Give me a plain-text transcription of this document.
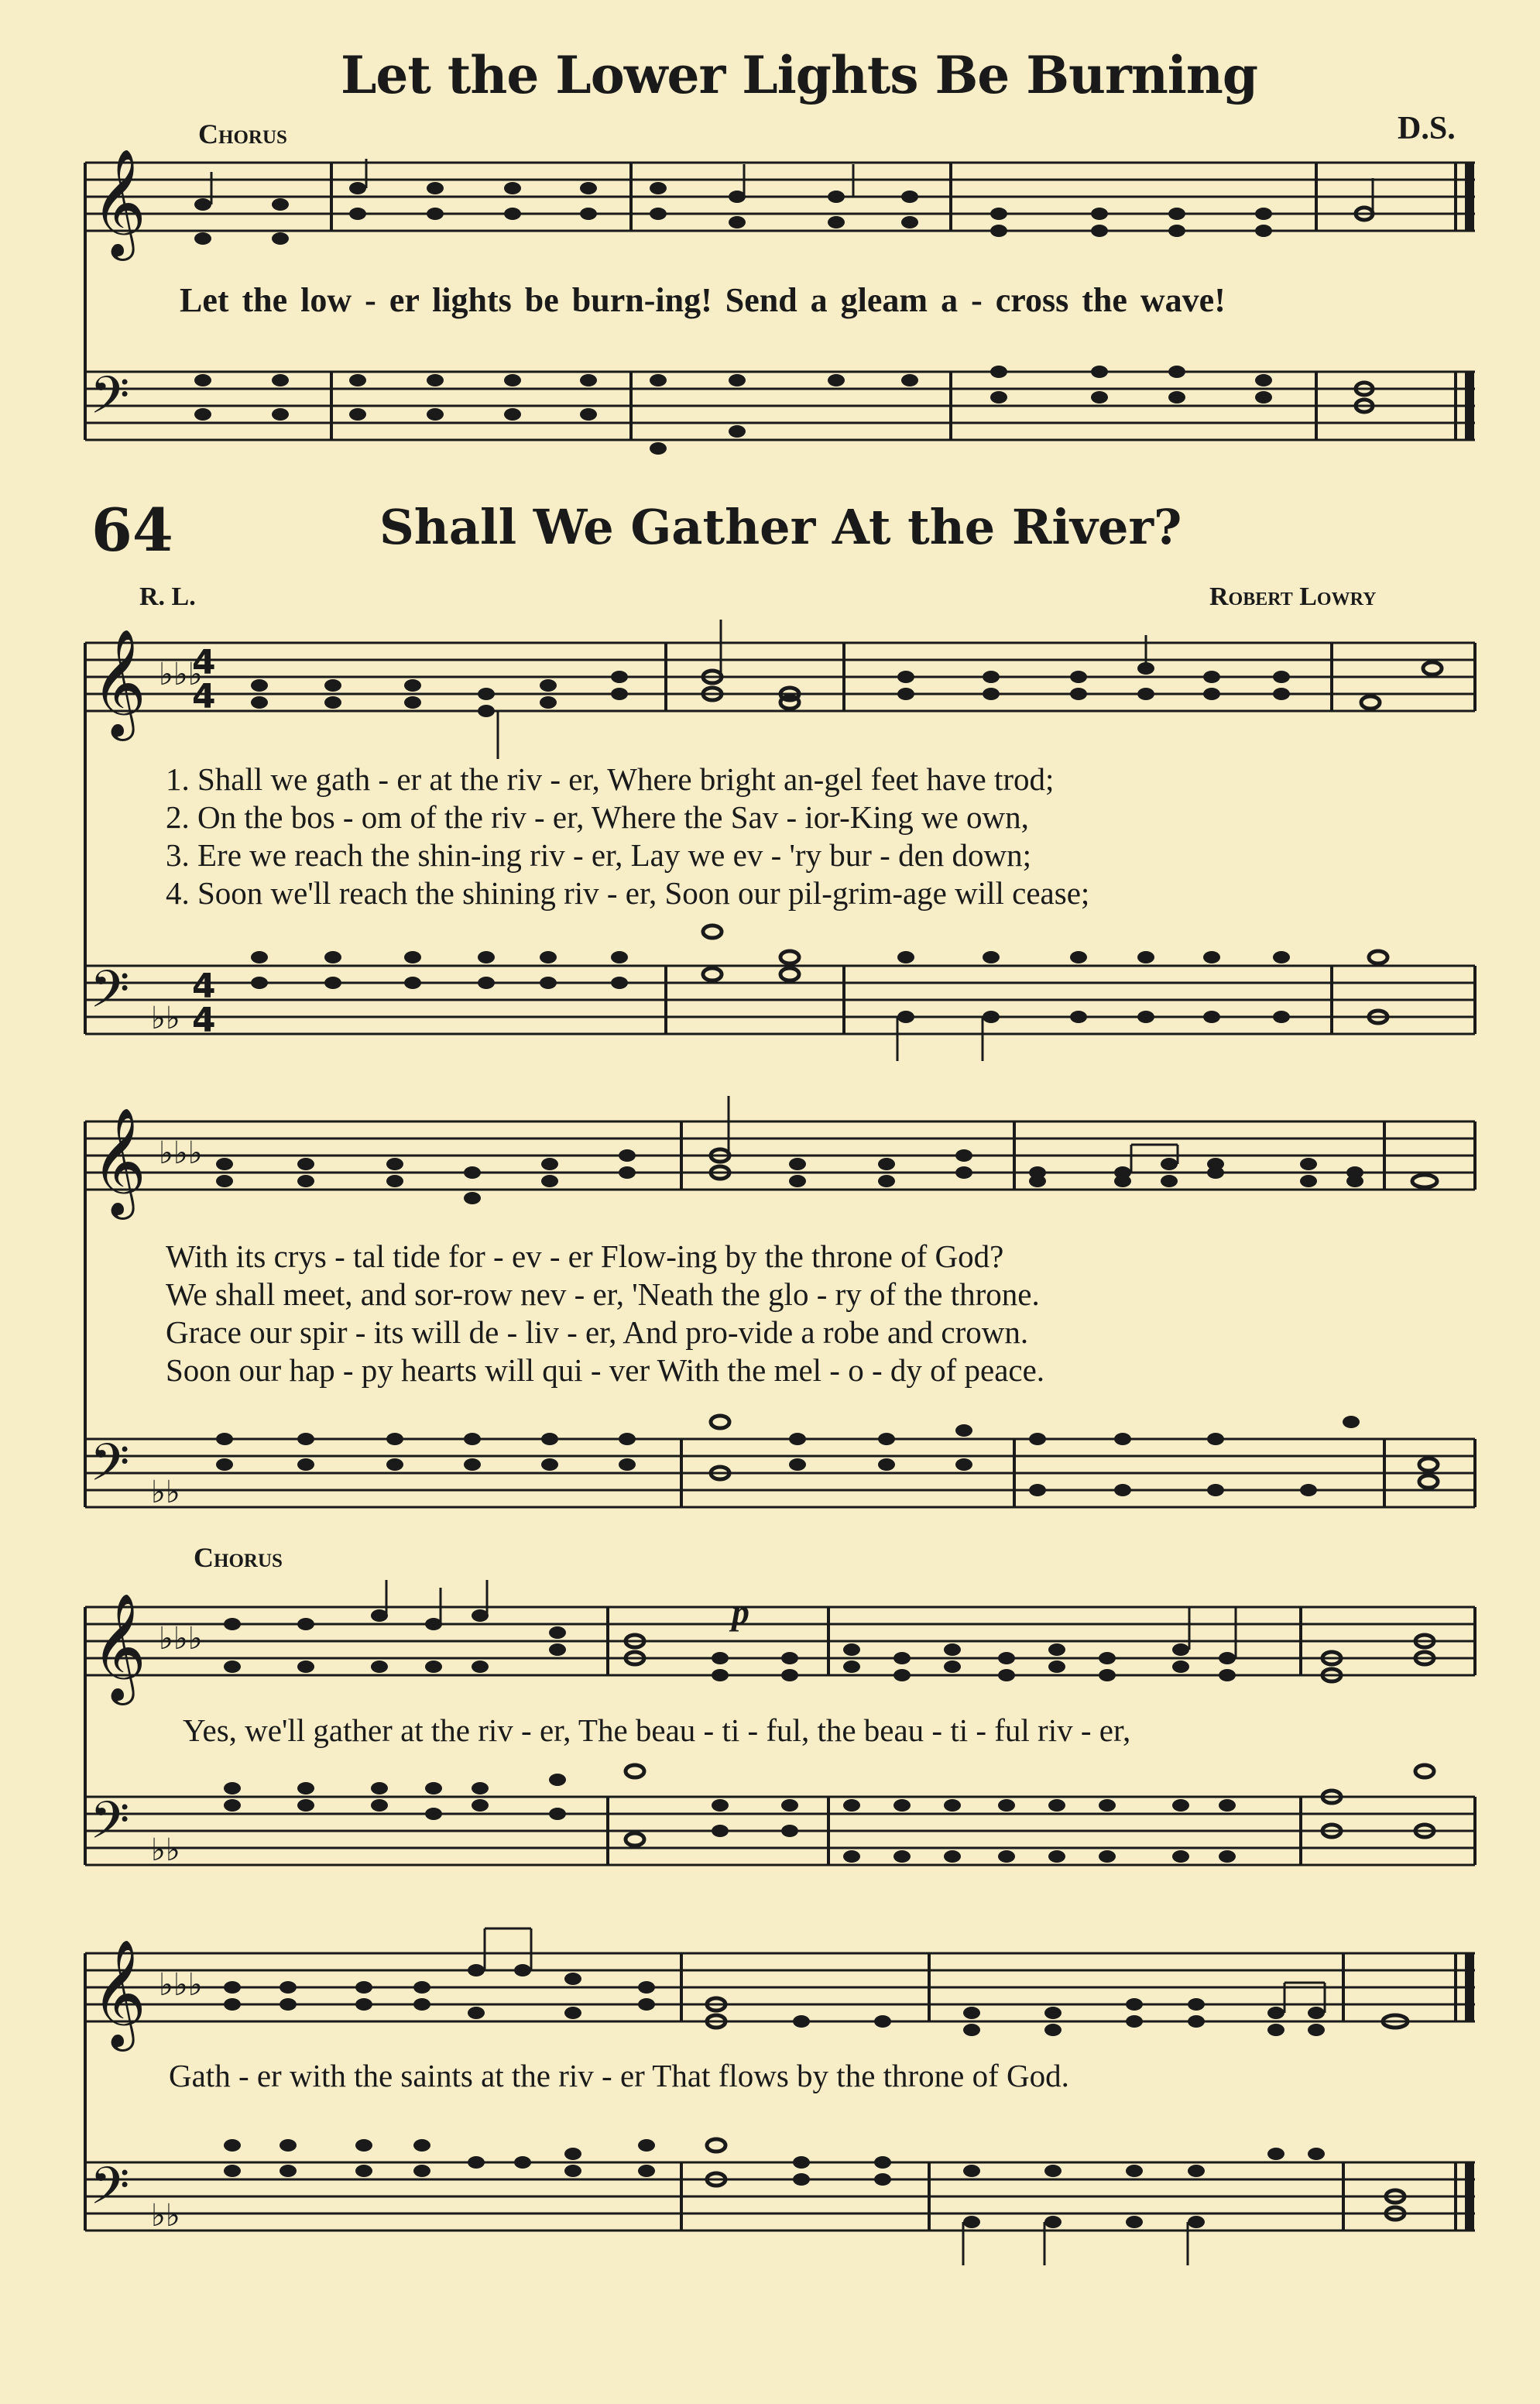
Let the Lower Lights Be Burning
Chorus	D.S.
𝄞
Let the low - er lights be burn-ing! Send a gleam a - cross the wave!
𝄢
64	Shall We Gather At the River?
R. L.	Robert Lowry
𝄞 ♭♭♭
4
4
1. Shall we gath - er at the riv - er, Where bright an-gel feet have trod;
2. On the bos - om of the riv - er, Where the Sav - ior-King we own,
3. Ere we reach the shin-ing riv - er, Lay we ev - 'ry bur - den down;
4. Soon we'll reach the shining riv - er, Soon our pil-grim-age will cease;
𝄢 ♭♭
4
4
𝄞 ♭♭♭
With its crys - tal tide for - ev - er Flow-ing by the throne of God?
We shall meet, and sor-row nev - er, 'Neath the glo - ry of the throne.
Grace our spir - its will de - liv - er, And pro-vide a robe and crown.
Soon our hap - py hearts will qui - ver With the mel - o - dy of peace.
𝄢 ♭♭
Chorus
p
𝄞 ♭♭♭
Yes, we'll gather at the riv - er, The beau - ti - ful, the beau - ti - ful riv - er,
𝄢 ♭♭
𝄞 ♭♭♭
Gath - er with the saints at the riv - er That flows by the throne of God.
𝄢 ♭♭
